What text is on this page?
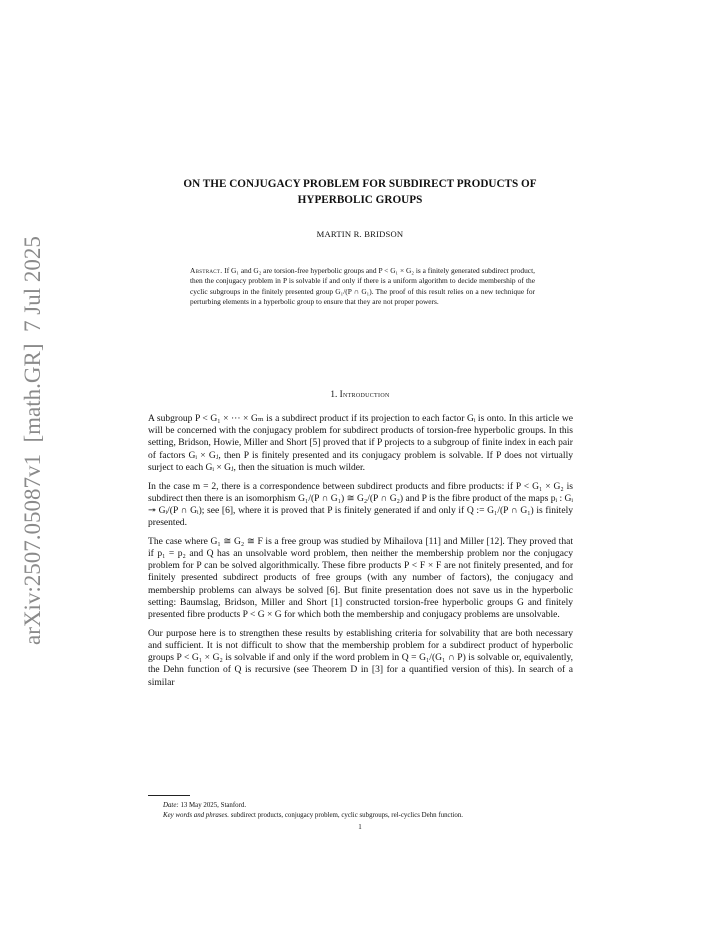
arXiv:2507.05087v1  [math.GR]  7 Jul 2025
ON THE CONJUGACY PROBLEM FOR SUBDIRECT PRODUCTS OF
HYPERBOLIC GROUPS
MARTIN R. BRIDSON
Abstract. If G₁ and G₂ are torsion-free hyperbolic groups and P < G₁ × G₂ is a finitely generated subdirect product, then the conjugacy problem in P is solvable if and only if there is a uniform algorithm to decide membership of the cyclic subgroups in the finitely presented group G₁/(P ∩ G₁). The proof of this result relies on a new technique for perturbing elements in a hyperbolic group to ensure that they are not proper powers.
1. Introduction

A subgroup P < G₁ × ··· × Gₘ is a subdirect product if its projection to each factor Gᵢ is onto. In this article we will be concerned with the conjugacy problem for subdirect products of torsion-free hyperbolic groups. In this setting, Bridson, Howie, Miller and Short [5] proved that if P projects to a subgroup of finite index in each pair of factors Gᵢ × Gⱼ, then P is finitely presented and its conjugacy problem is solvable. If P does not virtually surject to each Gᵢ × Gⱼ, then the situation is much wilder.

In the case m = 2, there is a correspondence between subdirect products and fibre products: if P < G₁ × G₂ is subdirect then there is an isomorphism G₁/(P ∩ G₁) ≅ G₂/(P ∩ G₂) and P is the fibre product of the maps pᵢ : Gᵢ ↠ Gᵢ/(P ∩ Gᵢ); see [6], where it is proved that P is finitely generated if and only if Q := G₁/(P ∩ G₁) is finitely presented.

The case where G₁ ≅ G₂ ≅ F is a free group was studied by Mihailova [11] and Miller [12]. They proved that if p₁ = p₂ and Q has an unsolvable word problem, then neither the membership problem nor the conjugacy problem for P can be solved algorithmically. These fibre products P < F × F are not finitely presented, and for finitely presented subdirect products of free groups (with any number of factors), the conjugacy and membership problems can always be solved [6]. But finite presentation does not save us in the hyperbolic setting: Baumslag, Bridson, Miller and Short [1] constructed torsion-free hyperbolic groups G and finitely presented fibre products P < G × G for which both the membership and conjugacy problems are unsolvable.

Our purpose here is to strengthen these results by establishing criteria for solvability that are both necessary and sufficient. It is not difficult to show that the membership problem for a subdirect product of hyperbolic groups P < G₁ × G₂ is solvable if and only if the word problem in Q = G₁/(G₁ ∩ P) is solvable or, equivalently, the Dehn function of Q is recursive (see Theorem D in [3] for a quantified version of this). In search of a similar

Date: 13 May 2025, Stanford.
Key words and phrases. subdirect products, conjugacy problem, cyclic subgroups, rel-cyclics Dehn function.
1
